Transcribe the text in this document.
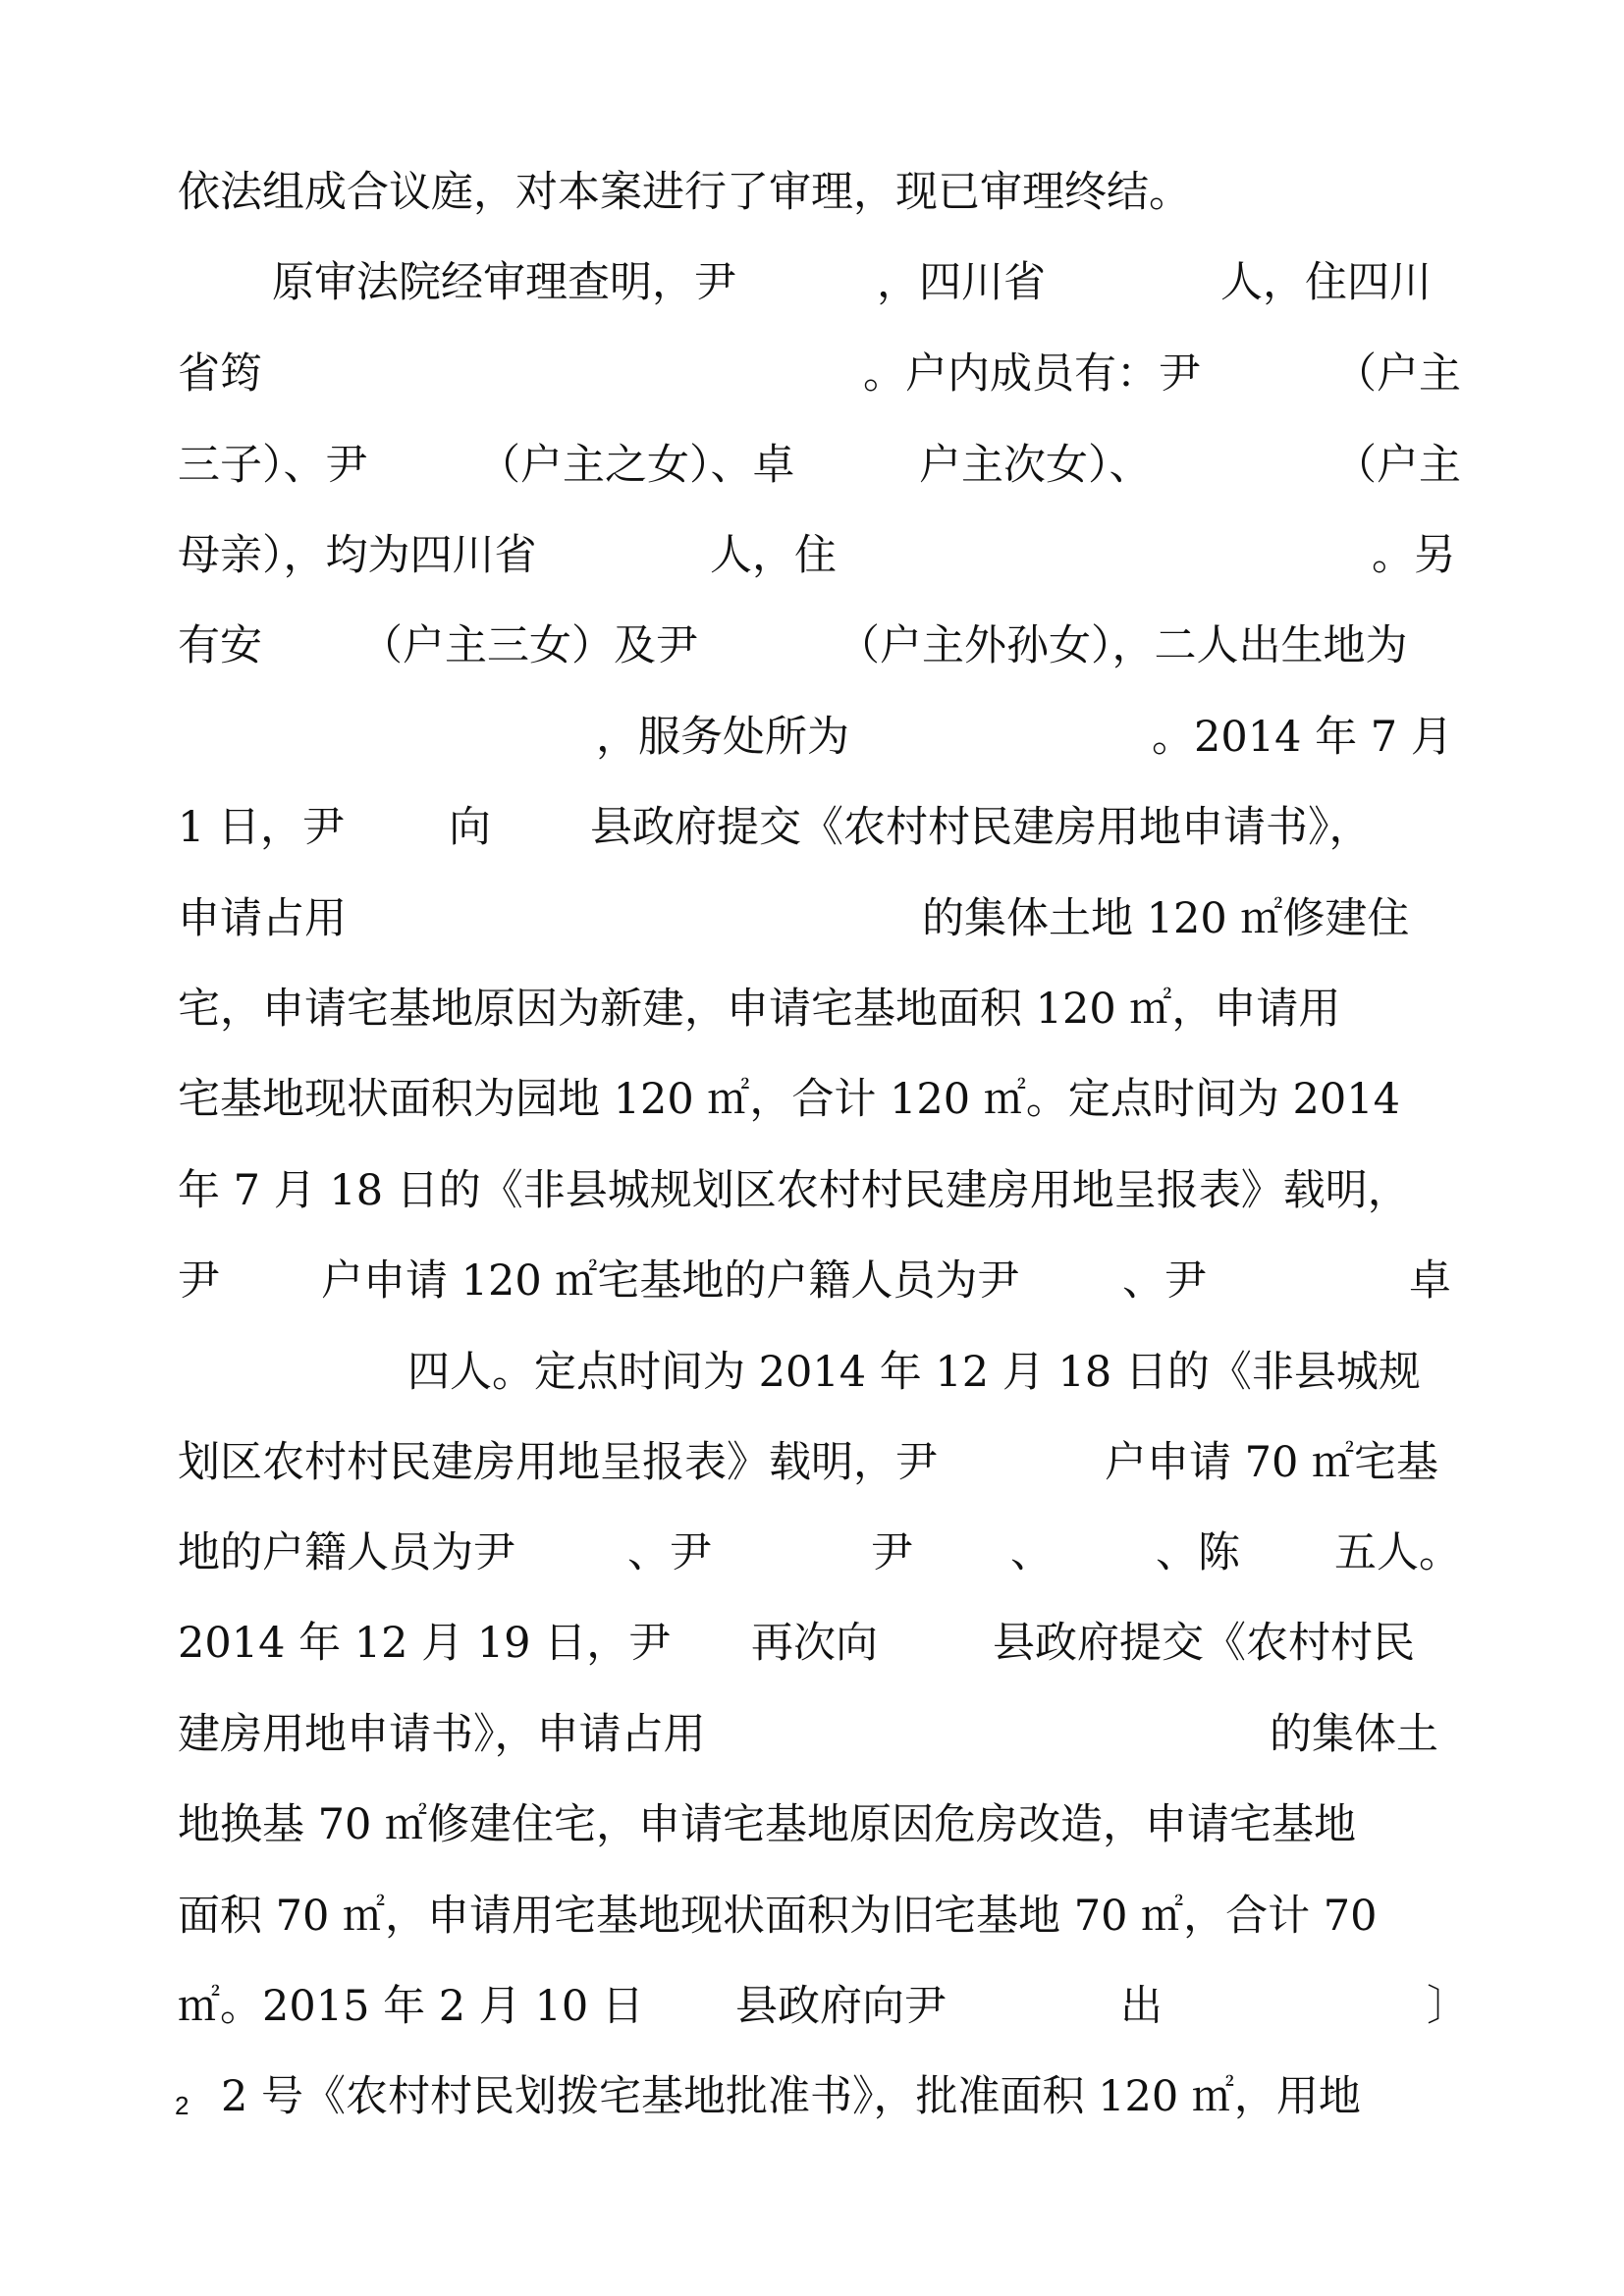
依法组成合议庭，对本案进行了审理，现已审理终结。

原审法院经审理查明，尹

	，四川省

	人，住四川

省筠

	。户内成员有：尹

	（户主

三子）、尹

	（户主之女）、卓

	户主次女）、

	（户主

母亲），均为四川省

	人，住

	。另

有安

（户主三女）及尹

	（户主外孙女），二人出生地为

，服务处所为

	。2014 年 7 月

1 日，尹

向

县政府提交《农村村民建房用地申请书》，

申请占用

	的集体土地 120 ㎡修建住

宅，申请宅基地原因为新建，申请宅基地面积 120 ㎡，申请用

宅基地现状面积为园地 120 ㎡，合计 120 ㎡。定点时间为 2014

年 7 月 18 日的《非县城规划区农村村民建房用地呈报表》载明，

尹

户申请 120 ㎡宅基地的户籍人员为尹

、尹

	卓

四人。定点时间为 2014 年 12 月 18 日的《非县城规

划区农村村民建房用地呈报表》载明，尹

	户申请 70 ㎡宅基

地的户籍人员为尹

	、尹

	尹

、

、陈

五人。

2014 年 12 月 19 日，尹

再次向

	县政府提交《农村村民

建房用地申请书》，申请占用

	的集体土

地换基 70 ㎡修建住宅，申请宅基地原因危房改造，申请宅基地

面积 70 ㎡，申请用宅基地现状面积为旧宅基地 70 ㎡，合计 70

㎡。2015 年 2 月 10 日

县政府向尹

	出

	〕

2 号《农村村民划拨宅基地批准书》，批准面积 120 ㎡，用地

2
